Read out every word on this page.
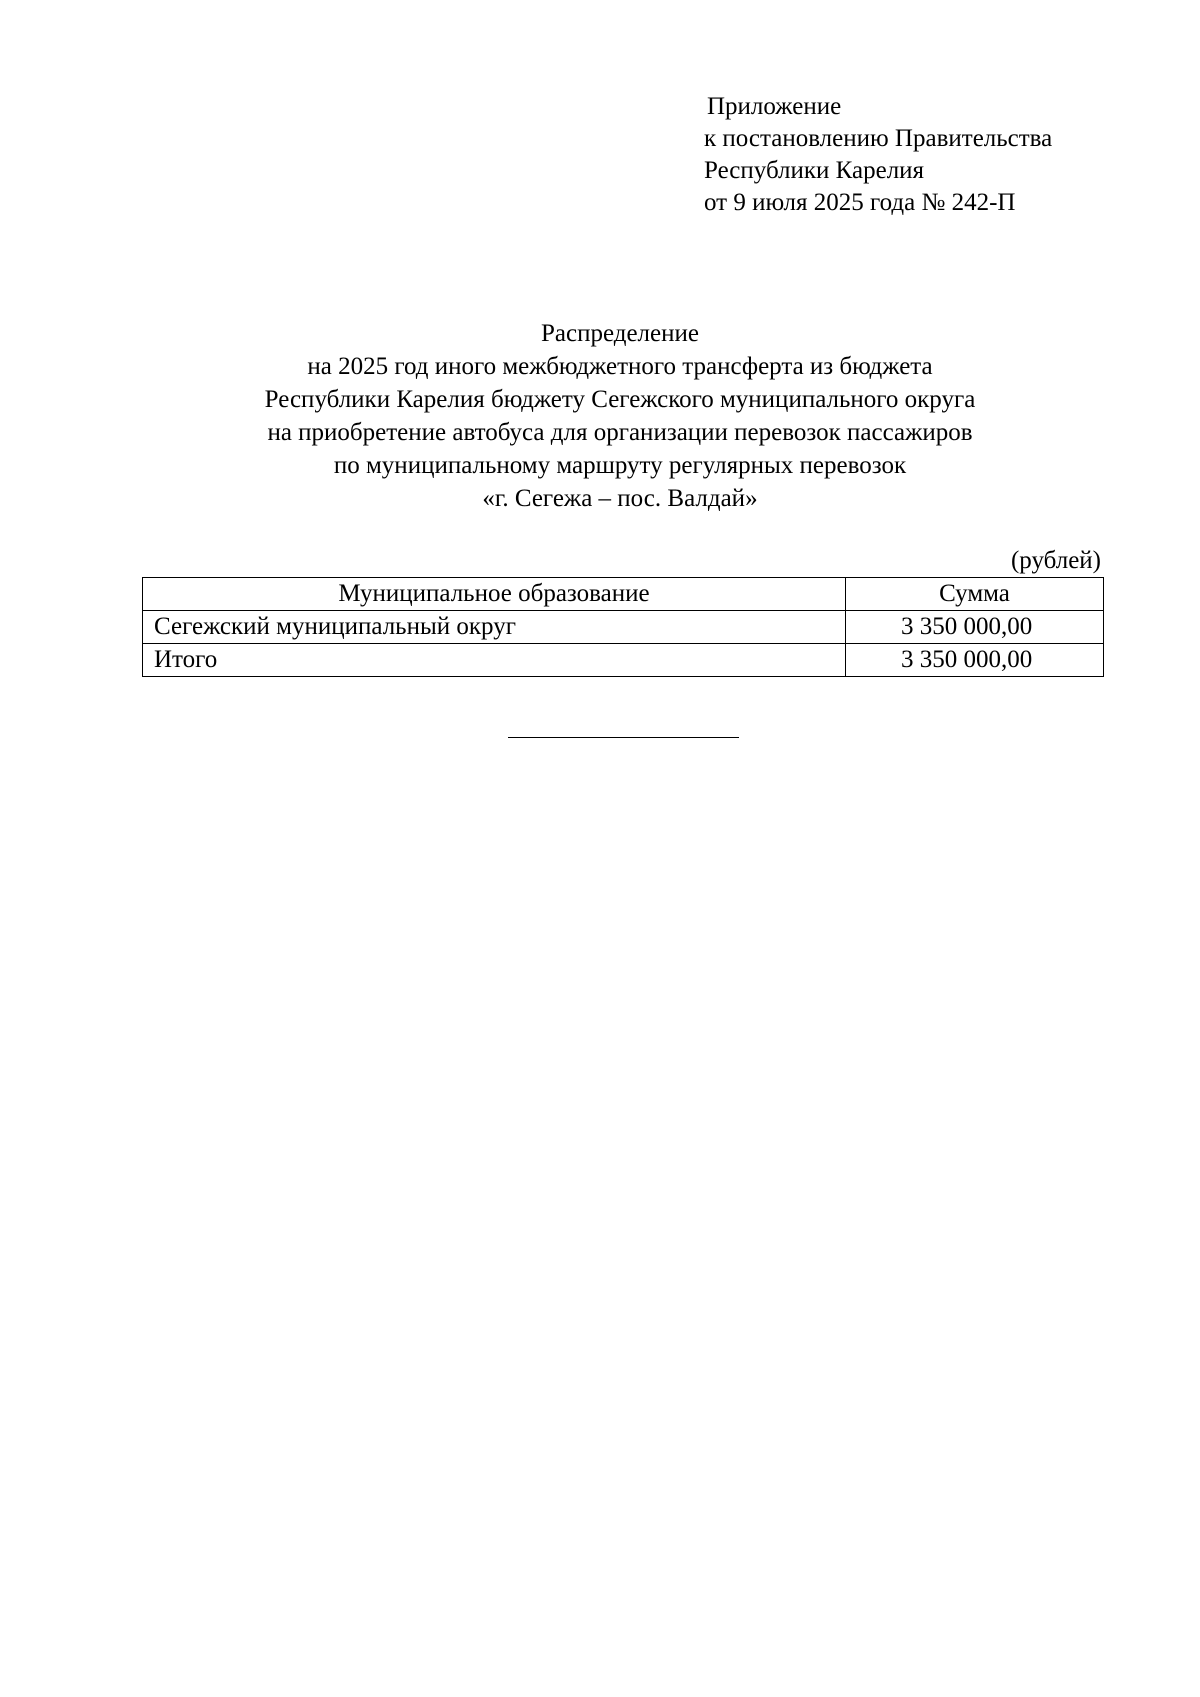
Приложение
к постановлению Правительства
Республики Карелия
от 9 июля 2025 года № 242-П
Распределение
на 2025 год иного межбюджетного трансферта из бюджета
Республики Карелия бюджету Сегежского муниципального округа
на приобретение автобуса для организации перевозок пассажиров
по муниципальному маршруту регулярных перевозок
«г. Сегежа – пос. Валдай»
(рублей)
Муниципальное образование	Сумма
Сегежский муниципальный округ	3 350 000,00
Итого	3 350 000,00
